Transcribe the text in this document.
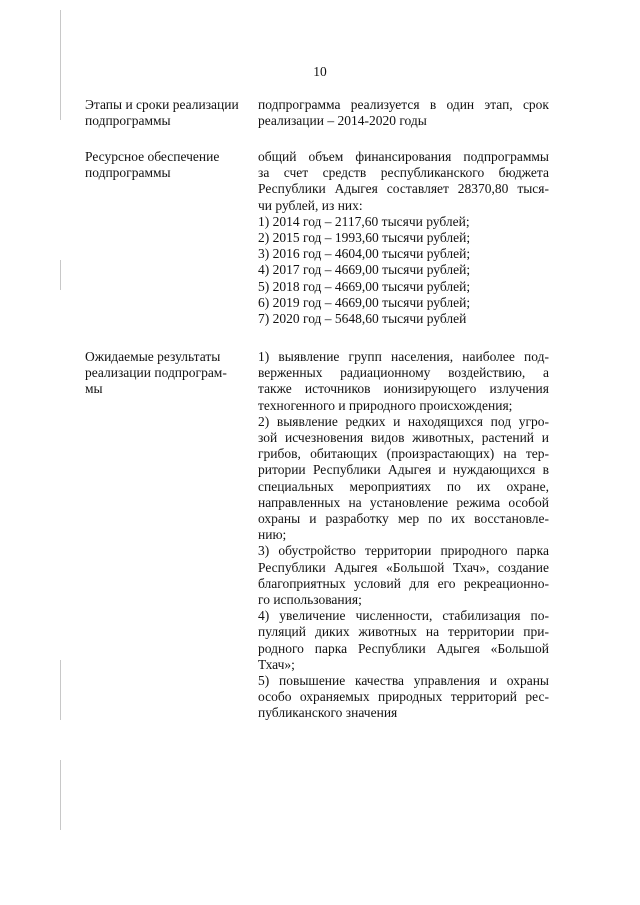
10
Этапы и сроки реализации
подпрограммы
подпрограмма реализуется в один этап, срок
реализации – 2014-2020 годы
Ресурсное обеспечение
подпрограммы
общий объем финансирования подпрограммы
за счет средств республиканского бюджета
Республики Адыгея составляет 28370,80 тыся-
чи рублей, из них:
1) 2014 год – 2117,60 тысячи рублей;
2) 2015 год – 1993,60 тысячи рублей;
3) 2016 год – 4604,00 тысячи рублей;
4) 2017 год – 4669,00 тысячи рублей;
5) 2018 год – 4669,00 тысячи рублей;
6) 2019 год – 4669,00 тысячи рублей;
7) 2020 год – 5648,60 тысячи рублей
Ожидаемые результаты
реализации подпрограм-
мы
1) выявление групп населения, наиболее под-
верженных радиационному воздействию, а
также источников ионизирующего излучения
техногенного и природного происхождения;
2) выявление редких и находящихся под угро-
зой исчезновения видов животных, растений и
грибов, обитающих (произрастающих) на тер-
ритории Республики Адыгея и нуждающихся в
специальных мероприятиях по их охране,
направленных на установление режима особой
охраны и разработку мер по их восстановле-
нию;
3) обустройство территории природного парка
Республики Адыгея «Большой Тхач», создание
благоприятных условий для его рекреационно-
го использования;
4) увеличение численности, стабилизация по-
пуляций диких животных на территории при-
родного парка Республики Адыгея «Большой
Тхач»;
5) повышение качества управления и охраны
особо охраняемых природных территорий рес-
публиканского значения
